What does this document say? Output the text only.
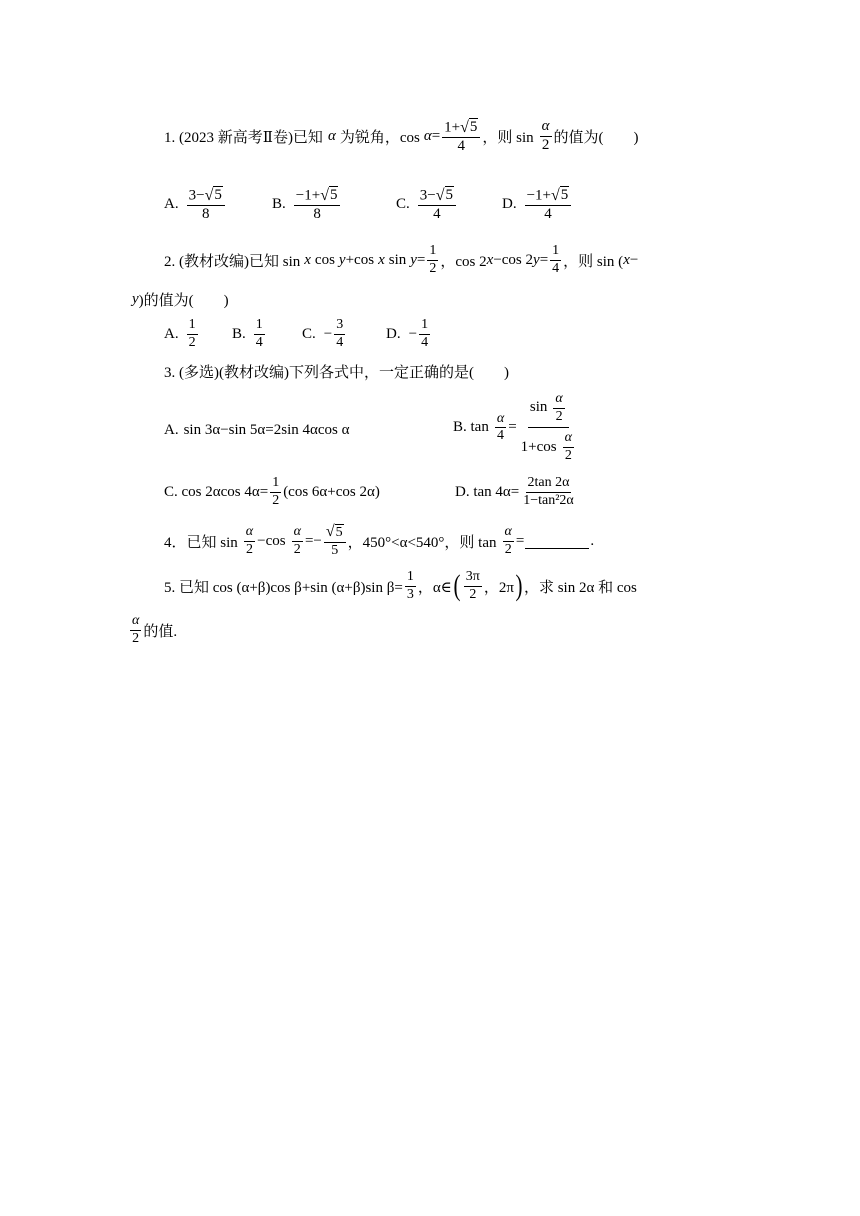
1. (2023 新高考Ⅱ卷)已知 α 为锐角，$\cos \alpha = \frac{1+ √ 5}{4}$ ，则 $\sin \frac{\alpha}{2}$ 的值为(　　)
A. $\frac{3- √ 5}{8}$	B. $\frac{-1+ √ 5}{8}$	C. $\frac{3- √ 5}{4}$	D. $\frac{-1+ √ 5}{4}$
2. (教材改编)已知 sin x cos y +cos x $\sin y = \frac{1}{2}$ ，cos 2 x −cos 2 $y = \frac{1}{4}$ ，则 sin ( x −
y )的值为(　　)
A. $\frac{1}{2} B$. $\frac{1}{4} C$. − $\frac{3}{4}$	D. − $\frac{1}{4}$
3. (多选)(教材改编)下列各式中，一定正确的是(　　)
A. sin 3α−sin 5α=2sin 4αcos α	B. $\tan \frac{\alpha}{4} = \frac{\sin \frac{\alpha}{2}}{1+\cos \frac{\alpha}{2}}$
C. cos 2αcos $4\alpha= \frac{1}{2} (\cos$ 6α+cos 2α)	D. $\tan 4\alpha= \frac{2\tan 2\alpha}{\text{1−tan²2α}}$
4．已知 $\sin \frac{\alpha}{2} -\cos \frac{\alpha}{2} =- \frac{√ 5}{5}$ ，450°<α<540°，则 $\tan \frac{\alpha}{2}$ =	.
5. 已知 cos (α+β)cos β+sin (α+β)sin $\beta= \frac{1}{3}$ ，α∈ ( $\frac{3\pi}{2}$ ，2π ) ，求 sin 2α 和 cos
$\frac{\alpha}{2}$ 的值.
